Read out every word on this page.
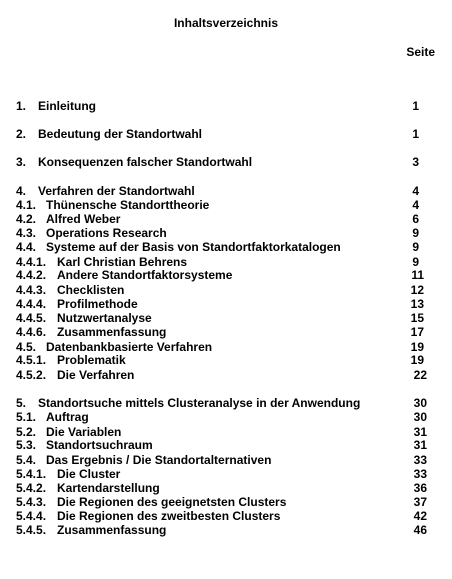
Inhaltsverzeichnis
Seite
1. Einleitung	1
2. Bedeutung der Standortwahl	1
3. Konsequenzen falscher Standortwahl	3
4. Verfahren der Standortwahl	4
4.1. Thünensche Standorttheorie	4
4.2. Alfred Weber	6
4.3. Operations Research	9
4.4. Systeme auf der Basis von Standortfaktorkatalogen	9
4.4.1. Karl Christian Behrens	9
4.4.2. Andere Standortfaktorsysteme	11
4.4.3. Checklisten	12
4.4.4. Profilmethode	13
4.4.5. Nutzwertanalyse	15
4.4.6. Zusammenfassung	17
4.5. Datenbankbasierte Verfahren	19
4.5.1. Problematik	19
4.5.2. Die Verfahren	22
5. Standortsuche mittels Clusteranalyse in der Anwendung	30
5.1. Auftrag	30
5.2. Die Variablen	31
5.3. Standortsuchraum	31
5.4. Das Ergebnis / Die Standortalternativen	33
5.4.1. Die Cluster	33
5.4.2. Kartendarstellung	36
5.4.3. Die Regionen des geeignetsten Clusters	37
5.4.4. Die Regionen des zweitbesten Clusters	42
5.4.5. Zusammenfassung	46
